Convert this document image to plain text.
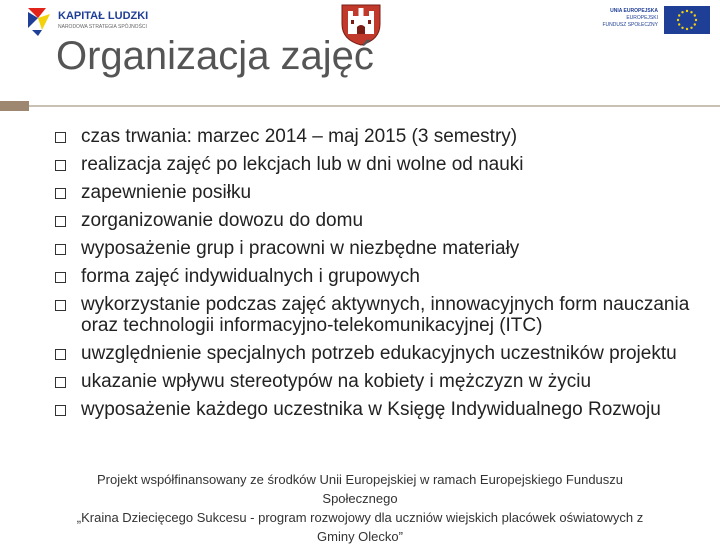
KAPITAŁ LUDZKI
NARODOWA STRATEGIA SPÓJNOŚCI
UNIA EUROPEJSKA
EUROPEJSKI
FUNDUSZ SPOŁECZNY
Organizacja zajęć
czas trwania: marzec 2014 – maj 2015 (3 semestry)
realizacja zajęć po lekcjach lub w dni wolne od nauki
zapewnienie posiłku
zorganizowanie dowozu do domu
wyposażenie grup i pracowni w niezbędne materiały
forma zajęć indywidualnych i grupowych
wykorzystanie podczas zajęć aktywnych, innowacyjnych form nauczania oraz technologii informacyjno-telekomunikacyjnej (ITC)
uwzględnienie specjalnych potrzeb edukacyjnych uczestników projektu
ukazanie wpływu stereotypów na kobiety i mężczyzn w życiu
wyposażenie każdego uczestnika w Księgę Indywidualnego Rozwoju
Projekt współfinansowany ze środków Unii Europejskiej w ramach Europejskiego Funduszu
Społecznego
„Kraina Dziecięcego Sukcesu - program rozwojowy dla uczniów wiejskich placówek oświatowych z
Gminy Olecko”
